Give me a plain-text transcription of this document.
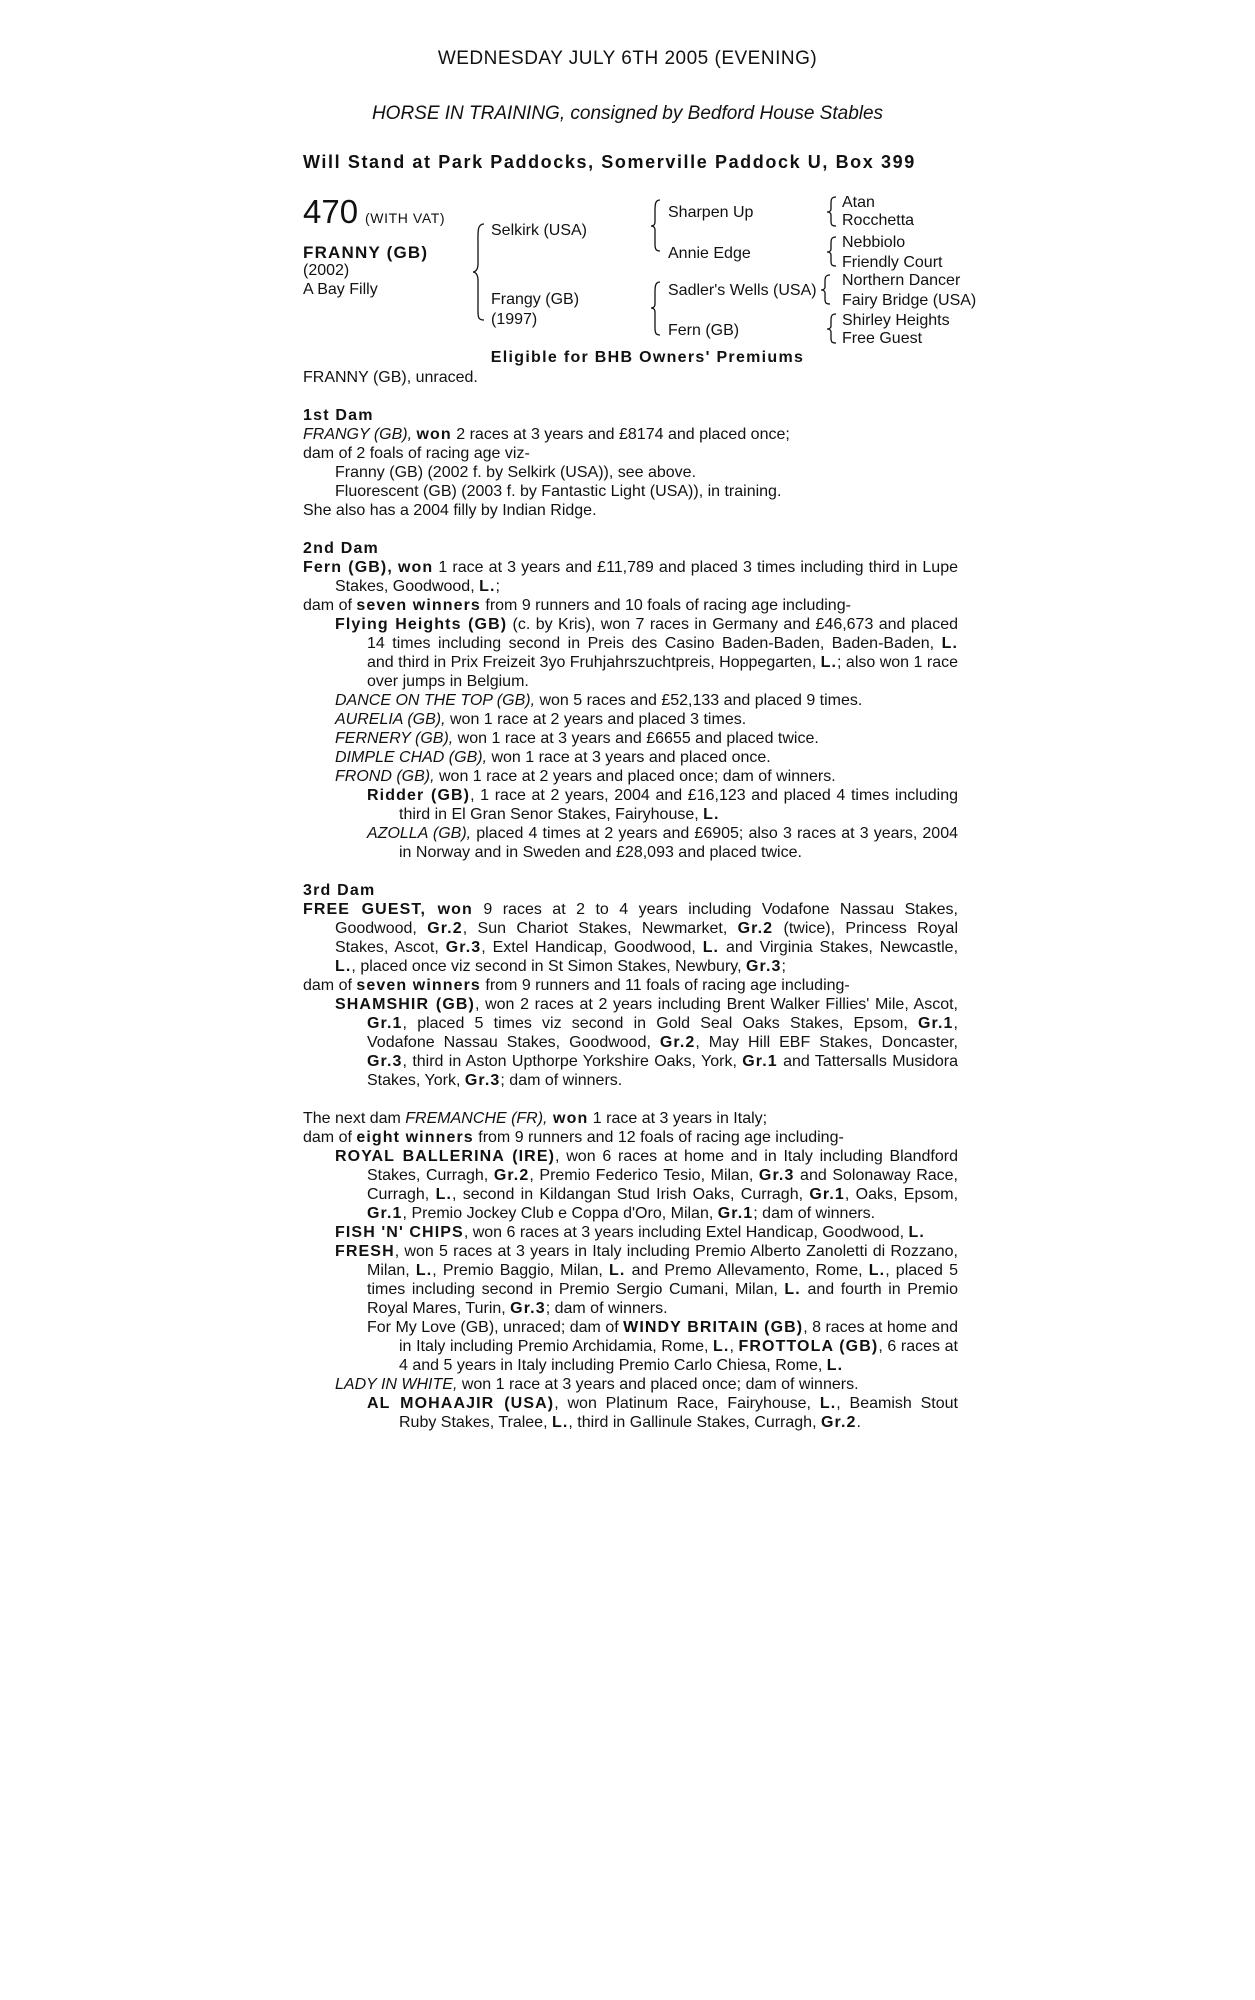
WEDNESDAY JULY 6TH 2005 (EVENING)
HORSE IN TRAINING, consigned by Bedford House Stables
Will Stand at Park Paddocks, Somerville Paddock U, Box 399
470 (WITH VAT)
FRANNY (GB)
(2002)
A Bay Filly
Selkirk (USA)
Frangy (GB)
(1997)
Sharpen Up
Annie Edge
Sadler's Wells (USA)
Fern (GB)
Atan
Rocchetta
Nebbiolo
Friendly Court
Northern Dancer
Fairy Bridge (USA)
Shirley Heights
Free Guest
Eligible for BHB Owners' Premiums

FRANNY (GB), unraced.

1st Dam

FRANGY (GB), won 2 races at 3 years and £8174 and placed once;

dam of 2 foals of racing age viz-

Franny (GB) (2002 f. by Selkirk (USA)), see above.

Fluorescent (GB) (2003 f. by Fantastic Light (USA)), in training.

She also has a 2004 filly by Indian Ridge.

2nd Dam

Fern (GB), won 1 race at 3 years and £11,789 and placed 3 times including third in Lupe Stakes, Goodwood, L.;

dam of seven winners from 9 runners and 10 foals of racing age including-

Flying Heights (GB) (c. by Kris), won 7 races in Germany and £46,673 and placed 14 times including second in Preis des Casino Baden-Baden, Baden-Baden, L. and third in Prix Freizeit 3yo Fruhjahrszuchtpreis, Hoppegarten, L.; also won 1 race over jumps in Belgium.

DANCE ON THE TOP (GB), won 5 races and £52,133 and placed 9 times.

AURELIA (GB), won 1 race at 2 years and placed 3 times.

FERNERY (GB), won 1 race at 3 years and £6655 and placed twice.

DIMPLE CHAD (GB), won 1 race at 3 years and placed once.

FROND (GB), won 1 race at 2 years and placed once; dam of winners.

Ridder (GB), 1 race at 2 years, 2004 and £16,123 and placed 4 times including third in El Gran Senor Stakes, Fairyhouse, L.

AZOLLA (GB), placed 4 times at 2 years and £6905; also 3 races at 3 years, 2004 in Norway and in Sweden and £28,093 and placed twice.

3rd Dam

FREE GUEST, won 9 races at 2 to 4 years including Vodafone Nassau Stakes, Goodwood, Gr.2, Sun Chariot Stakes, Newmarket, Gr.2 (twice), Princess Royal Stakes, Ascot, Gr.3, Extel Handicap, Goodwood, L. and Virginia Stakes, Newcastle, L., placed once viz second in St Simon Stakes, Newbury, Gr.3;

dam of seven winners from 9 runners and 11 foals of racing age including-

SHAMSHIR (GB), won 2 races at 2 years including Brent Walker Fillies' Mile, Ascot, Gr.1, placed 5 times viz second in Gold Seal Oaks Stakes, Epsom, Gr.1, Vodafone Nassau Stakes, Goodwood, Gr.2, May Hill EBF Stakes, Doncaster, Gr.3, third in Aston Upthorpe Yorkshire Oaks, York, Gr.1 and Tattersalls Musidora Stakes, York, Gr.3; dam of winners.

The next dam FREMANCHE (FR), won 1 race at 3 years in Italy;

dam of eight winners from 9 runners and 12 foals of racing age including-

ROYAL BALLERINA (IRE), won 6 races at home and in Italy including Blandford Stakes, Curragh, Gr.2, Premio Federico Tesio, Milan, Gr.3 and Solonaway Race, Curragh, L., second in Kildangan Stud Irish Oaks, Curragh, Gr.1, Oaks, Epsom, Gr.1, Premio Jockey Club e Coppa d'Oro, Milan, Gr.1; dam of winners.

FISH 'N' CHIPS, won 6 races at 3 years including Extel Handicap, Goodwood, L.

FRESH, won 5 races at 3 years in Italy including Premio Alberto Zanoletti di Rozzano, Milan, L., Premio Baggio, Milan, L. and Premo Allevamento, Rome, L., placed 5 times including second in Premio Sergio Cumani, Milan, L. and fourth in Premio Royal Mares, Turin, Gr.3; dam of winners.

For My Love (GB), unraced; dam of WINDY BRITAIN (GB), 8 races at home and in Italy including Premio Archidamia, Rome, L., FROTTOLA (GB), 6 races at 4 and 5 years in Italy including Premio Carlo Chiesa, Rome, L.

LADY IN WHITE, won 1 race at 3 years and placed once; dam of winners.

AL MOHAAJIR (USA), won Platinum Race, Fairyhouse, L., Beamish Stout Ruby Stakes, Tralee, L., third in Gallinule Stakes, Curragh, Gr.2.
